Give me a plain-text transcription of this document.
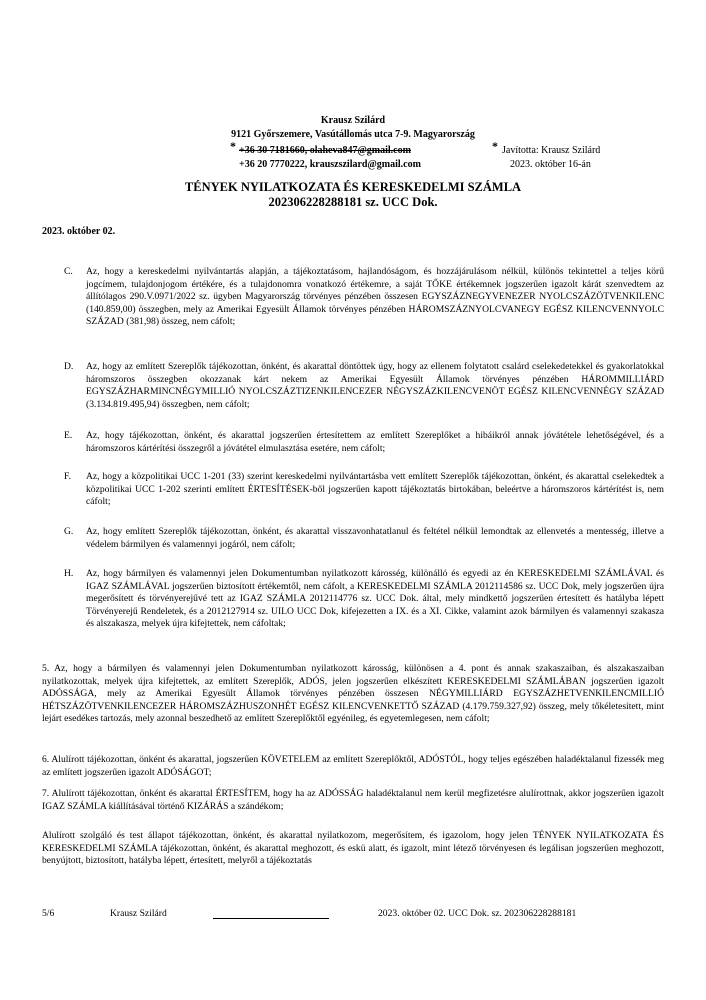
Krausz Szilárd
9121 Győrszemere, Vasútállomás utca 7-9. Magyarország
* +36 30 7181660, olaheva847@gmail.com
+36 20 7770222, krauszszilard@gmail.com
* Javította: Krausz Szilárd
2023. október 16-án
TÉNYEK NYILATKOZATA ÉS KERESKEDELMI SZÁMLA
202306228288181 sz. UCC Dok.
2023. október 02.
C. Az, hogy a kereskedelmi nyilvántartás alapján, a tájékoztatásom, hajlandóságom, és hozzájárulásom nélkül, különös tekintettel a teljes körű jogcímem, tulajdonjogom értékére, és a tulajdonomra vonatkozó értékemre, a saját TŐKE értékemnek jogszerűen igazolt kárát szenvedtem az állítólagos 290.V.0971/2022 sz. ügyben Magyarország törvényes pénzében összesen EGYSZÁZNEGYVENEZER NYOLCSZÁZÖTVENKILENC (140.859,00) összegben, mely az Amerikai Egyesült Államok törvényes pénzében HÁROMSZÁZNYOLCVANEGY EGÉSZ KILENCVENNYOLC SZÁZAD (381,98) összeg, nem cáfolt;
D. Az, hogy az említett Szereplők tájékozottan, önként, és akarattal döntöttek úgy, hogy az ellenem folytatott csalárd cselekedetekkel és gyakorlatokkal háromszoros összegben okozzanak kárt nekem az Amerikai Egyesült Államok törvényes pénzében HÁROMMILLIÁRD EGYSZÁZHARMINCNÉGYMILLIÓ NYOLCSZÁZTIZENKILENCEZER NÉGYSZÁZKILENCVENÖT EGÉSZ KILENCVENNÉGY SZÁZAD (3.134.819.495,94) összegben, nem cáfolt;
E. Az, hogy tájékozottan, önként, és akarattal jogszerűen értesítettem az említett Szereplőket a hibáikról annak jóvátétele lehetőségével, és a háromszoros kártérítési összegről a jóvátétel elmulasztása esetére, nem cáfolt;
F. Az, hogy a közpolitikai UCC 1-201 (33) szerint kereskedelmi nyilvántartásba vett említett Szereplők tájékozottan, önként, és akarattal cselekedtek a közpolitikai UCC 1-202 szerinti említett ÉRTESÍTÉSEK-ből jogszerűen kapott tájékoztatás birtokában, beleértve a háromszoros kártérítést is, nem cáfolt;
G. Az, hogy említett Szereplők tájékozottan, önként, és akarattal visszavonhatatlanul és feltétel nélkül lemondtak az ellenvetés a mentesség, illetve a védelem bármilyen és valamennyi jogáról, nem cáfolt;
H. Az, hogy bármilyen és valamennyi jelen Dokumentumban nyilatkozott károsség, különálló és egyedi az én KERESKEDELMI SZÁMLÁVAL és IGAZ SZÁMLÁVAL jogszerűen biztosított értékemtől, nem cáfolt, a KERESKEDELMI SZÁMLA 2012114586 sz. UCC Dok, mely jogszerűen újra megerősített és törvényerejűvé tett az IGAZ SZÁMLA 2012114776 sz. UCC Dok. által, mely mindkettő jogszerűen értesített és hatályba lépett Törvényerejű Rendeletek, és a 2012127914 sz. UILO UCC Dok, kifejezetten a IX. és a XI. Cikke, valamint azok bármilyen és valamennyi szakasza és alszakasza, melyek újra kifejtettek, nem cáfoltak;
5. Az, hogy a bármilyen és valamennyi jelen Dokumentumban nyilatkozott károsság, különösen a 4. pont és annak szakaszaiban, és alszakaszaiban nyilatkozottak, melyek újra kifejtettek, az említett Szereplők, ADÓS, jelen jogszerűen elkészített KERESKEDELMI SZÁMLÁBAN jogszerűen igazolt ADÓSSÁGA, mely az Amerikai Egyesült Államok törvényes pénzében összesen NÉGYMILLIÁRD EGYSZÁZHETVENKILENCMILLIÓ HÉTSZÁZÖTVENKILENCEZER HÁROMSZÁZHUSZONHÉT EGÉSZ KILENCVENKETTŐ SZÁZAD (4.179.759.327,92) összeg, mely tőkéletesített, mint lejárt esedékes tartozás, mely azonnal beszedhető az említett Szereplőktől egyénileg, és egyetemlegesen, nem cáfolt;
6. Alulírott tájékozottan, önként és akarattal, jogszerűen KÖVETELEM az említett Szereplőktől, ADÓSTÓL, hogy teljes egészében haladéktalanul fizessék meg az említett jogszerűen igazolt ADÓSÁGOT;
7. Alulírott tájékozottan, önként és akarattal ÉRTESÍTEM, hogy ha az ADÓSSÁG haladéktalanul nem kerül megfizetésre alulírottnak, akkor jogszerűen igazolt IGAZ SZÁMLA kiállításával történő KIZÁRÁS a szándékom;
Alulírott szolgáló és test állapot tájékozottan, önként, és akarattal nyilatkozom, megerősítem, és igazolom, hogy jelen TÉNYEK NYILATKOZATA ÉS KERESKEDELMI SZÁMLA tájékozottan, önként, és akarattal meghozott, és eskü alatt, és igazolt, mint létező törvényesen és legálisan jogszerűen meghozott, benyújtott, biztosított, hatályba lépett, értesített, melyről a tájékoztatás
5/6	Krausz Szilárd	2023. október 02. UCC Dok. sz. 202306228288181
